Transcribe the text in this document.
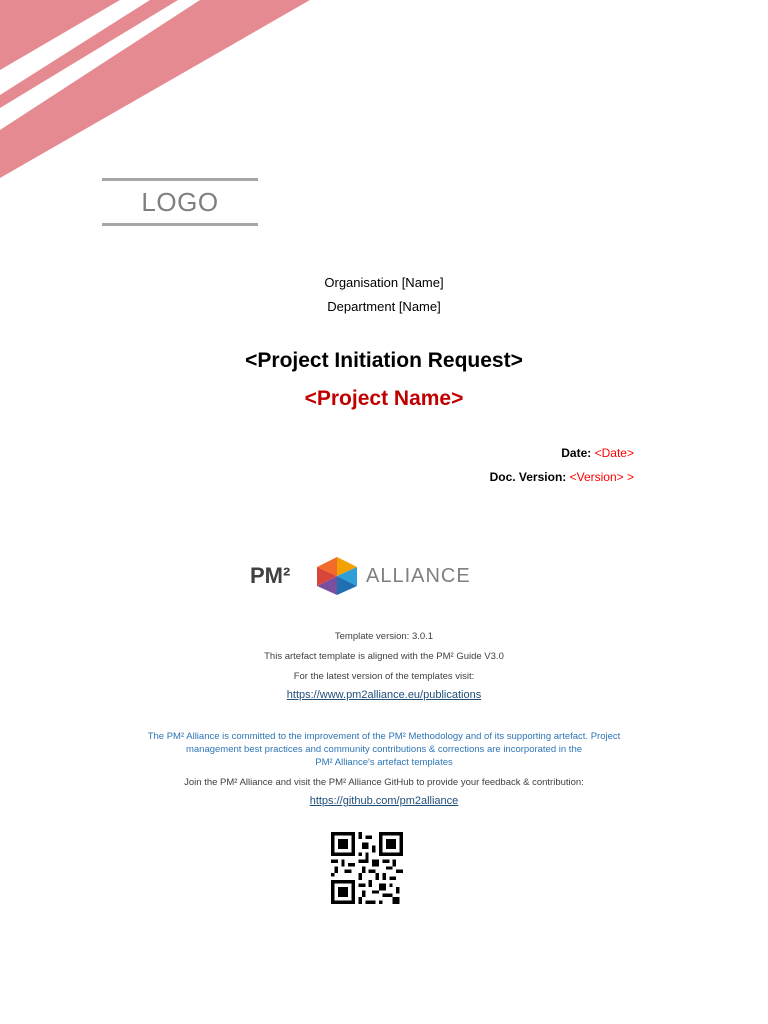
LOGO
Organisation [Name]
Department [Name]
<Project Initiation Request>
<Project Name>
Date: <Date>
Doc. Version: <Version> >
PM²	ALLIANCE
Template version: 3.0.1
This artefact template is aligned with the PM² Guide V3.0
For the latest version of the templates visit:
https://www.pm2alliance.eu/publications
The PM² Alliance is committed to the improvement of the PM² Methodology and of its supporting artefact. Project
management best practices and community contributions & corrections are incorporated in the
PM² Alliance's artefact templates
Join the PM² Alliance and visit the PM² Alliance GitHub to provide your feedback & contribution:
https://github.com/pm2alliance
